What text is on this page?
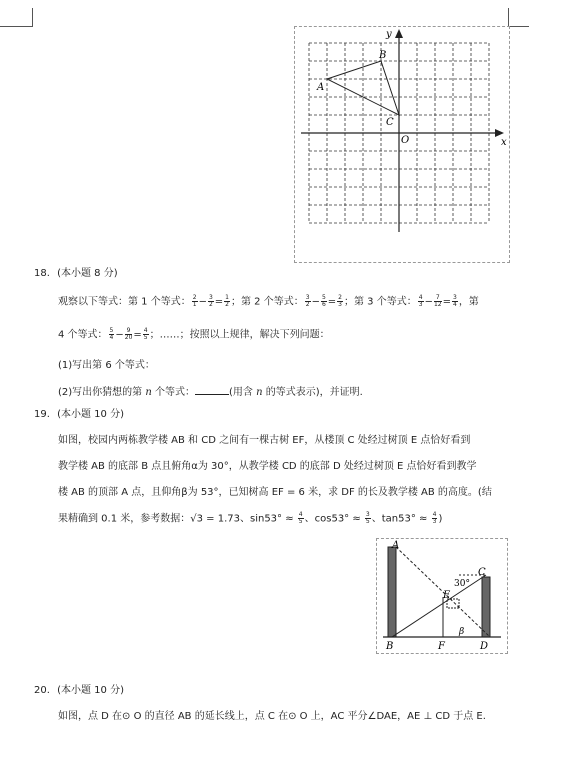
x
y
O
A
B
C
18. (本小题 8 分)
观察以下等式：第 1 个等式： $\frac{2}{1} - \frac{3}{2} = \frac{1}{2}$ ；第 2 个等式： $\frac{3}{2} - \frac{5}{6} = \frac{2}{3}$ ；第 3 个等式： $\frac{4}{3} - \frac{7}{12} = \frac{3}{4}$ ，第
4 个等式： $\frac{5}{4} - \frac{9}{20} = \frac{4}{5}$ ；……；按照以上规律，解决下列问题：
(1)写出第 6 个等式：
(2)写出你猜想的第 n 个等式：	(用含 n 的等式表示)，并证明.
19. (本小题 10 分)
如图，校园内两栋教学楼 AB 和 CD 之间有一棵古树 EF，从楼顶 C 处经过树顶 E 点恰好看到
教学楼 AB 的底部 B 点且俯角α为 30°，从教学楼 CD 的底部 D 处经过树顶 E 点恰好看到教学
楼 AB 的顶部 A 点，且仰角β为 53°，已知树高 EF = 6 米，求 DF 的长及教学楼 AB 的高度。(结
果精确到 0.1 米，参考数据：√3 = 1.73、$\sin 53^\circ \approx \frac{4}{5}$ 、$\cos 53^\circ \approx \frac{3}{5}$ 、$\tan 53^\circ \approx \frac{4}{3}$ )
A
B
C
D
E
F
30°
β
20. (本小题 10 分)
如图，点 D 在⊙ O 的直径 AB 的延长线上，点 C 在⊙ O 上，AC 平分∠DAE，AE ⊥ CD 于点 E.
